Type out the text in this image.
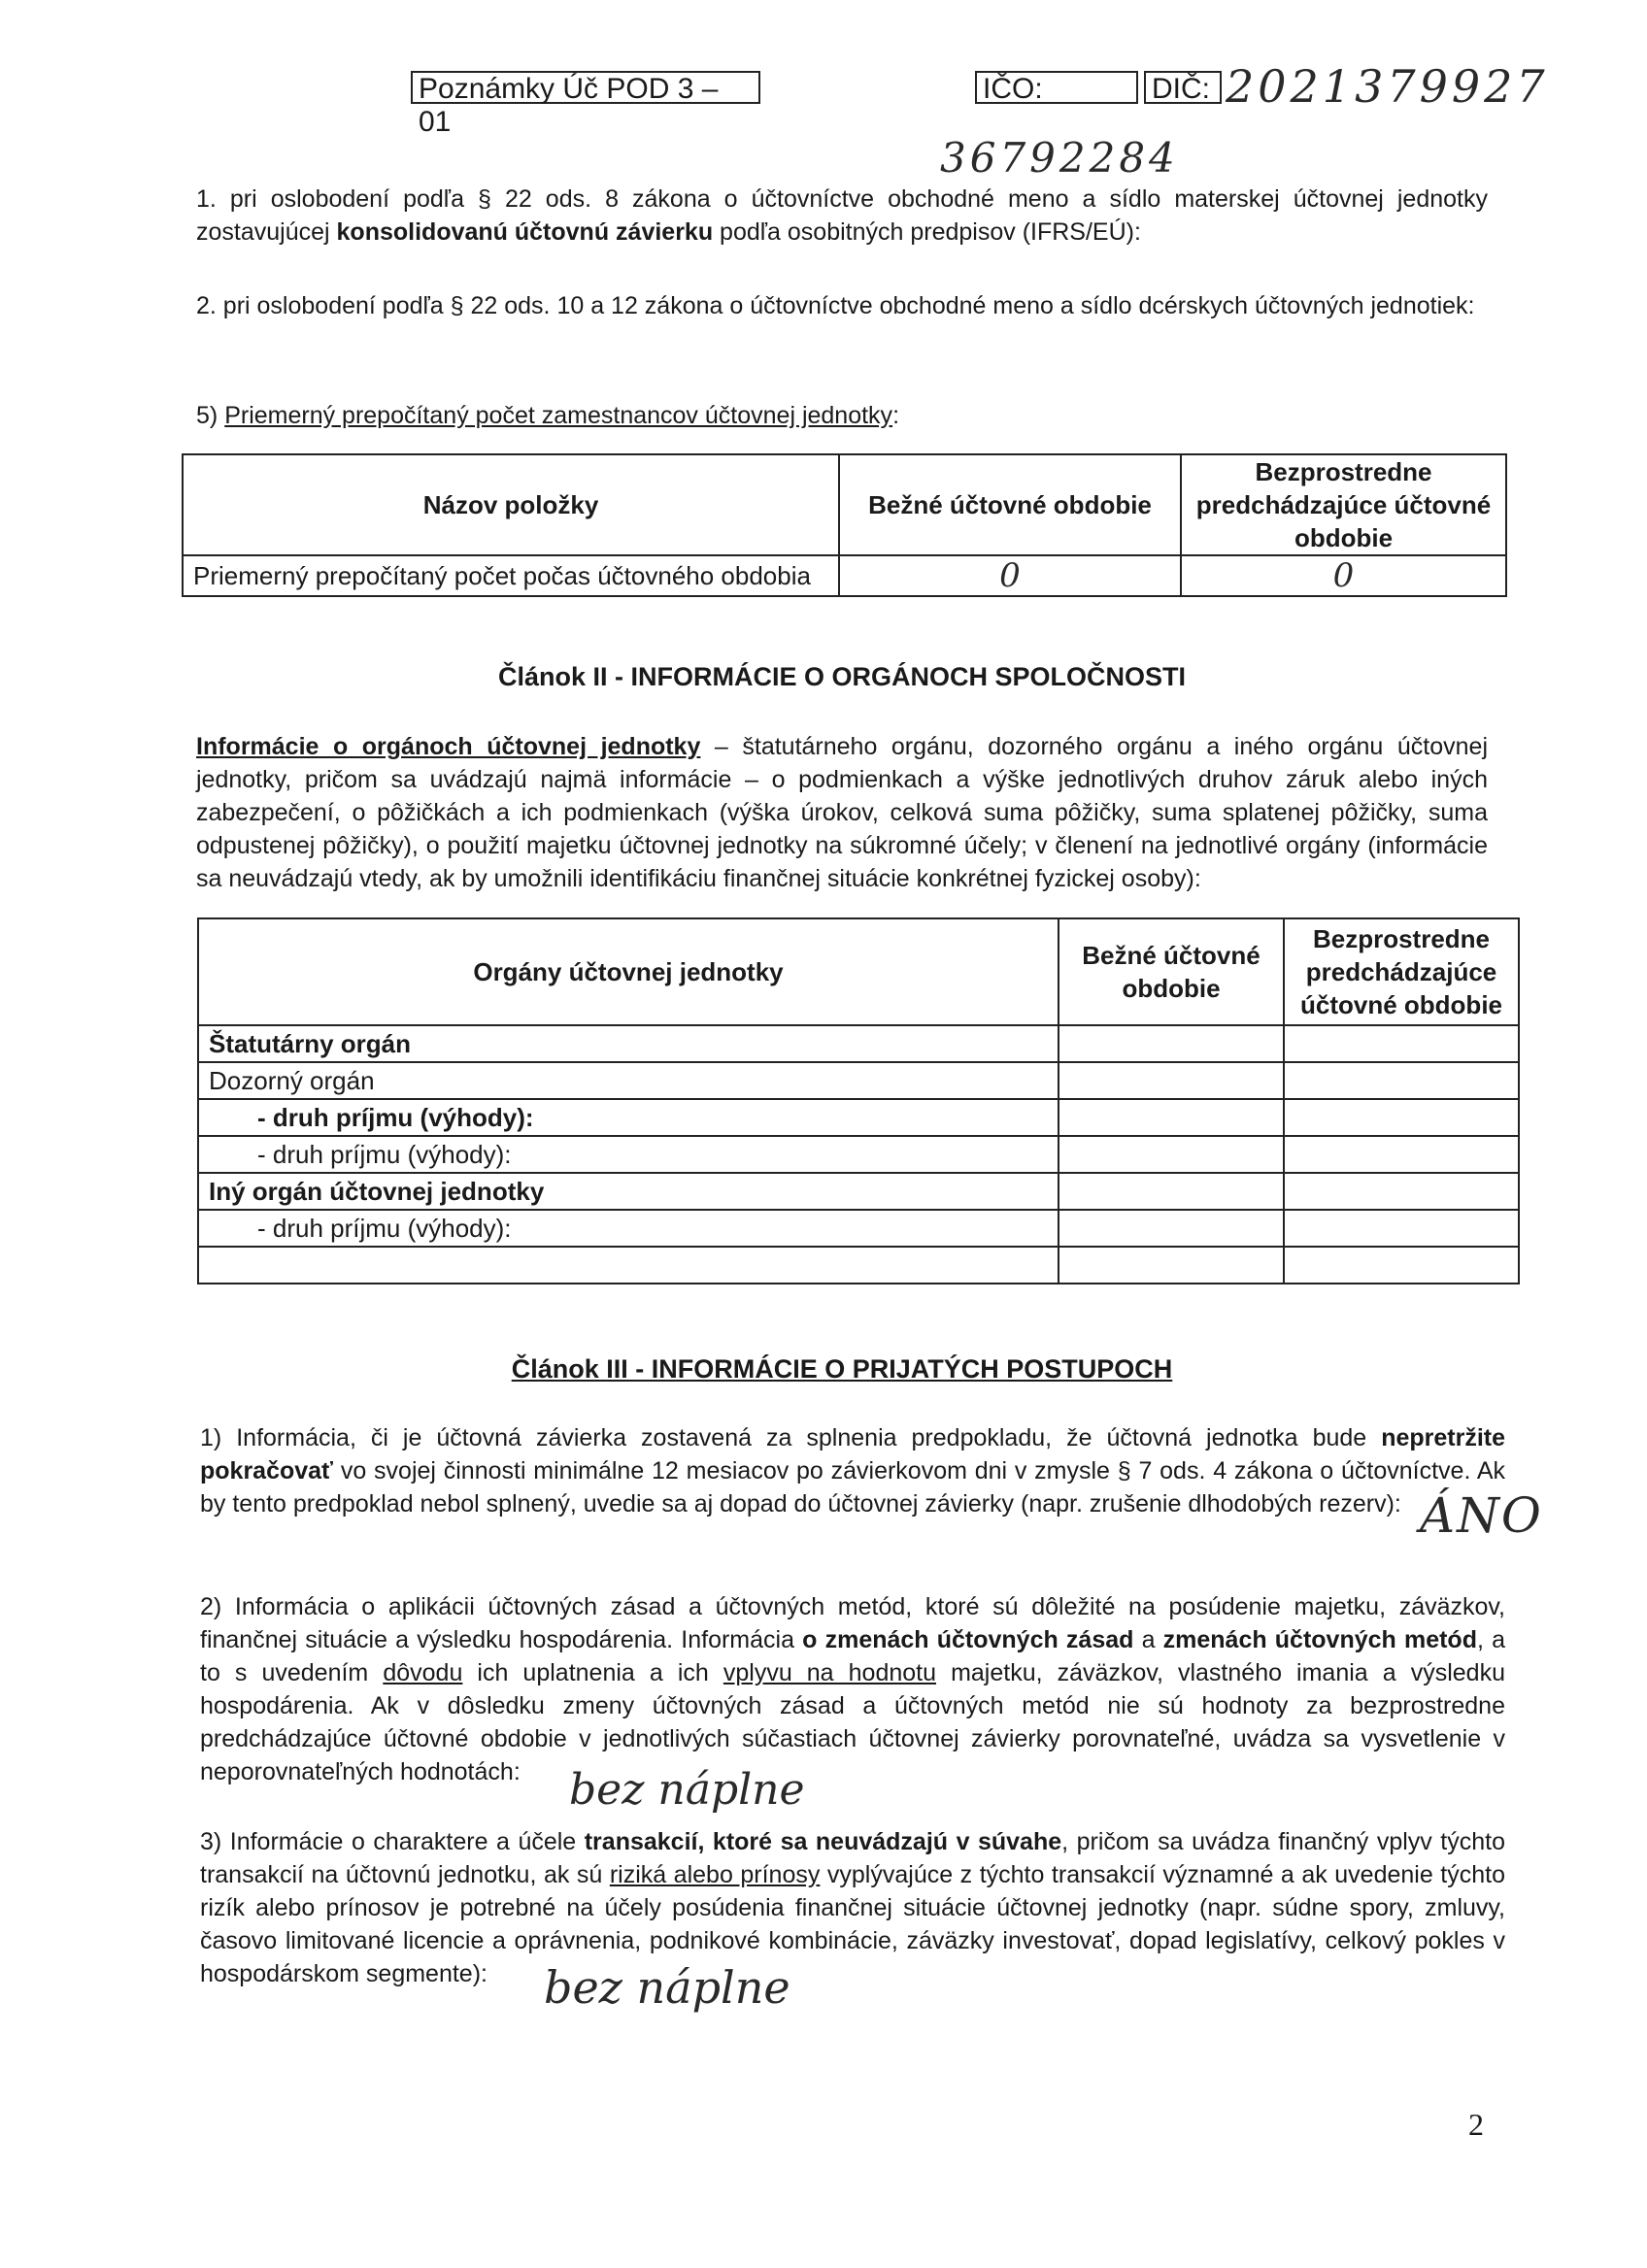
Poznámky Úč POD 3 – 01
IČO:	DIČ: 2021379927
36792284
1. pri oslobodení podľa § 22 ods. 8 zákona o účtovníctve obchodné meno a sídlo materskej účtovnej jednotky zostavujúcej konsolidovanú účtovnú závierku podľa osobitných predpisov (IFRS/EÚ):
2. pri oslobodení podľa § 22 ods. 10 a 12 zákona o účtovníctve obchodné meno a sídlo dcérskych účtovných jednotiek:
5) Priemerný prepočítaný počet zamestnancov účtovnej jednotky:
Názov položky	Bežné účtovné obdobie	Bezprostredne predchádzajúce účtovné obdobie
Priemerný prepočítaný počet počas účtovného obdobia	0	0
Článok II - INFORMÁCIE O ORGÁNOCH SPOLOČNOSTI
Informácie o orgánoch účtovnej jednotky – štatutárneho orgánu, dozorného orgánu a iného orgánu účtovnej jednotky, pričom sa uvádzajú najmä informácie – o podmienkach a výške jednotlivých druhov záruk alebo iných zabezpečení, o pôžičkách a ich podmienkach (výška úrokov, celková suma pôžičky, suma splatenej pôžičky, suma odpustenej pôžičky), o použití majetku účtovnej jednotky na súkromné účely; v členení na jednotlivé orgány (informácie sa neuvádzajú vtedy, ak by umožnili identifikáciu finančnej situácie konkrétnej fyzickej osoby):
Orgány účtovnej jednotky	Bežné účtovné obdobie	Bezprostredne predchádzajúce účtovné obdobie
Štatutárny orgán		
Dozorný orgán		
- druh príjmu (výhody):		
- druh príjmu (výhody):		
Iný orgán účtovnej jednotky		
- druh príjmu (výhody):		

Článok III - INFORMÁCIE O PRIJATÝCH POSTUPOCH
1) Informácia, či je účtovná závierka zostavená za splnenia predpokladu, že účtovná jednotka bude nepretržite pokračovať vo svojej činnosti minimálne 12 mesiacov po závierkovom dni v zmysle § 7 ods. 4 zákona o účtovníctve. Ak by tento predpoklad nebol splnený, uvedie sa aj dopad do účtovnej závierky (napr. zrušenie dlhodobých rezerv): ÁNO
2) Informácia o aplikácii účtovných zásad a účtovných metód, ktoré sú dôležité na posúdenie majetku, záväzkov, finančnej situácie a výsledku hospodárenia. Informácia o zmenách účtovných zásad a zmenách účtovných metód, a to s uvedením dôvodu ich uplatnenia a ich vplyvu na hodnotu majetku, záväzkov, vlastného imania a výsledku hospodárenia. Ak v dôsledku zmeny účtovných zásad a účtovných metód nie sú hodnoty za bezprostredne predchádzajúce účtovné obdobie v jednotlivých súčastiach účtovnej závierky porovnateľné, uvádza sa vysvetlenie v neporovnateľných hodnotách:	bez náplne
3) Informácie o charaktere a účele transakcií, ktoré sa neuvádzajú v súvahe, pričom sa uvádza finančný vplyv týchto transakcií na účtovnú jednotku, ak sú riziká alebo prínosy vyplývajúce z týchto transakcií významné a ak uvedenie týchto rizík alebo prínosov je potrebné na účely posúdenia finančnej situácie účtovnej jednotky (napr. súdne spory, zmluvy, časovo limitované licencie a oprávnenia, podnikové kombinácie, záväzky investovať, dopad legislatívy, celkový pokles v hospodárskom segmente):	bez náplne
2
